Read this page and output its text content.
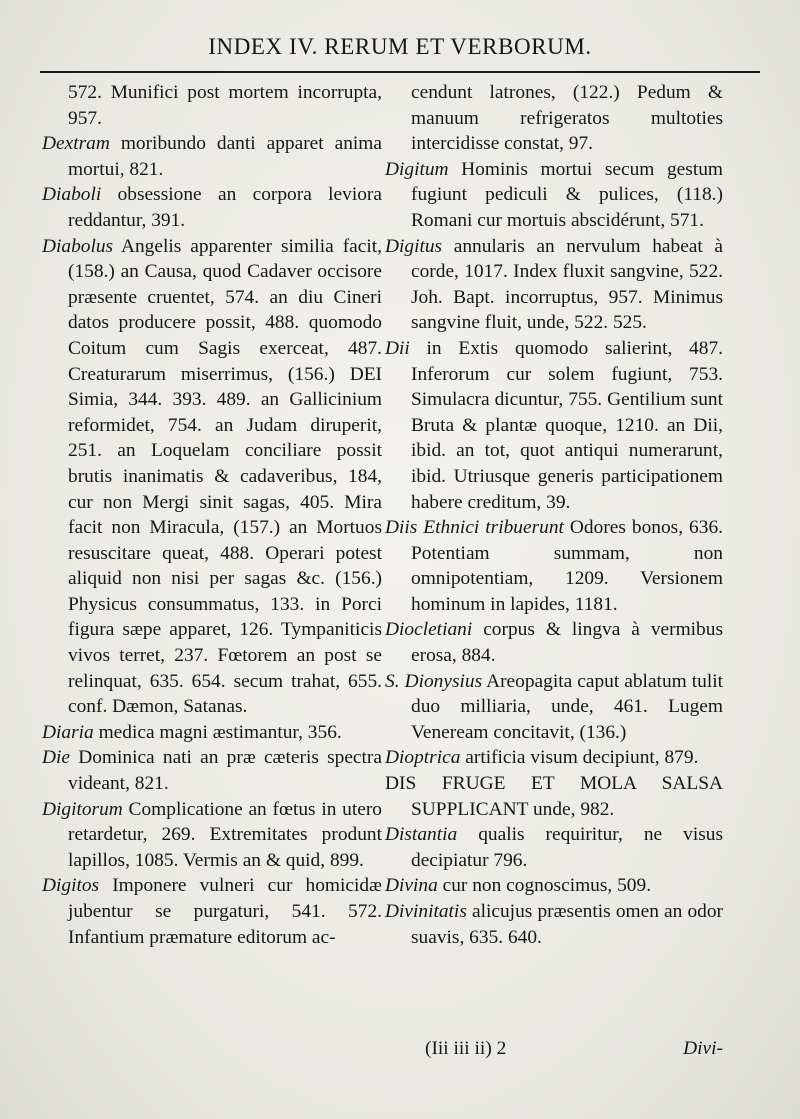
INDEX IV. RERUM ET VERBORUM.

572. Munifici post mortem incorrupta, 957.

Dextram moribundo danti apparet anima mortui, 821.

Diaboli obsessione an corpora leviora reddantur, 391.

Diabolus Angelis apparenter similia facit, (158.) an Causa, quod Cadaver occisore præsente cruentet, 574. an diu Cineri datos producere possit, 488. quomodo Coitum cum Sagis exerceat, 487. Creaturarum miserrimus, (156.) DEI Simia, 344. 393. 489. an Gallicinium reformidet, 754. an Judam diruperit, 251. an Loquelam conciliare possit brutis inanimatis & cadaveribus, 184, cur non Mergi sinit sagas, 405. Mira facit non Miracula, (157.) an Mortuos resuscitare queat, 488. Operari potest aliquid non nisi per sagas &c. (156.) Physicus consummatus, 133. in Porci figura sæpe apparet, 126. Tympaniticis vivos terret, 237. Fœtorem an post se relinquat, 635. 654. secum trahat, 655. conf. Dæmon, Satanas.

Diaria medica magni æstimantur, 356.

Die Dominica nati an præ cæteris spectra videant, 821.

Digitorum Complicatione an fœtus in utero retardetur, 269. Extremitates produnt lapillos, 1085. Vermis an & quid, 899.

Digitos Imponere vulneri cur homicidæ jubentur se purgaturi, 541. 572. Infantium præmature editorum ac-

cendunt latrones, (122.) Pedum & manuum refrigeratos multoties intercidisse constat, 97.

Digitum Hominis mortui secum gestum fugiunt pediculi & pulices, (118.) Romani cur mortuis abscidérunt, 571.

Digitus annularis an nervulum habeat à corde, 1017. Index fluxit sangvine, 522. Joh. Bapt. incorruptus, 957. Minimus sangvine fluit, unde, 522. 525.

Dii in Extis quomodo salierint, 487. Inferorum cur solem fugiunt, 753. Simulacra dicuntur, 755. Gentilium sunt Bruta & plantæ quoque, 1210. an Dii, ibid. an tot, quot antiqui numerarunt, ibid. Utriusque generis participationem habere creditum, 39.

Diis Ethnici tribuerunt Odores bonos, 636. Potentiam summam, non omnipotentiam, 1209. Versionem hominum in lapides, 1181.

Diocletiani corpus & lingva à vermibus erosa, 884.

S. Dionysius Areopagita caput ablatum tulit duo milliaria, unde, 461. Lugem Veneream concitavit, (136.)

Dioptrica artificia visum decipiunt, 879.

DIS FRUGE ET MOLA SALSA SUPPLICANT unde, 982.

Distantia qualis requiritur, ne visus decipiatur 796.

Divina cur non cognoscimus, 509.

Divinitatis alicujus præsentis omen an odor suavis, 635. 640.

(Iii iii ii) 2	Divi-
